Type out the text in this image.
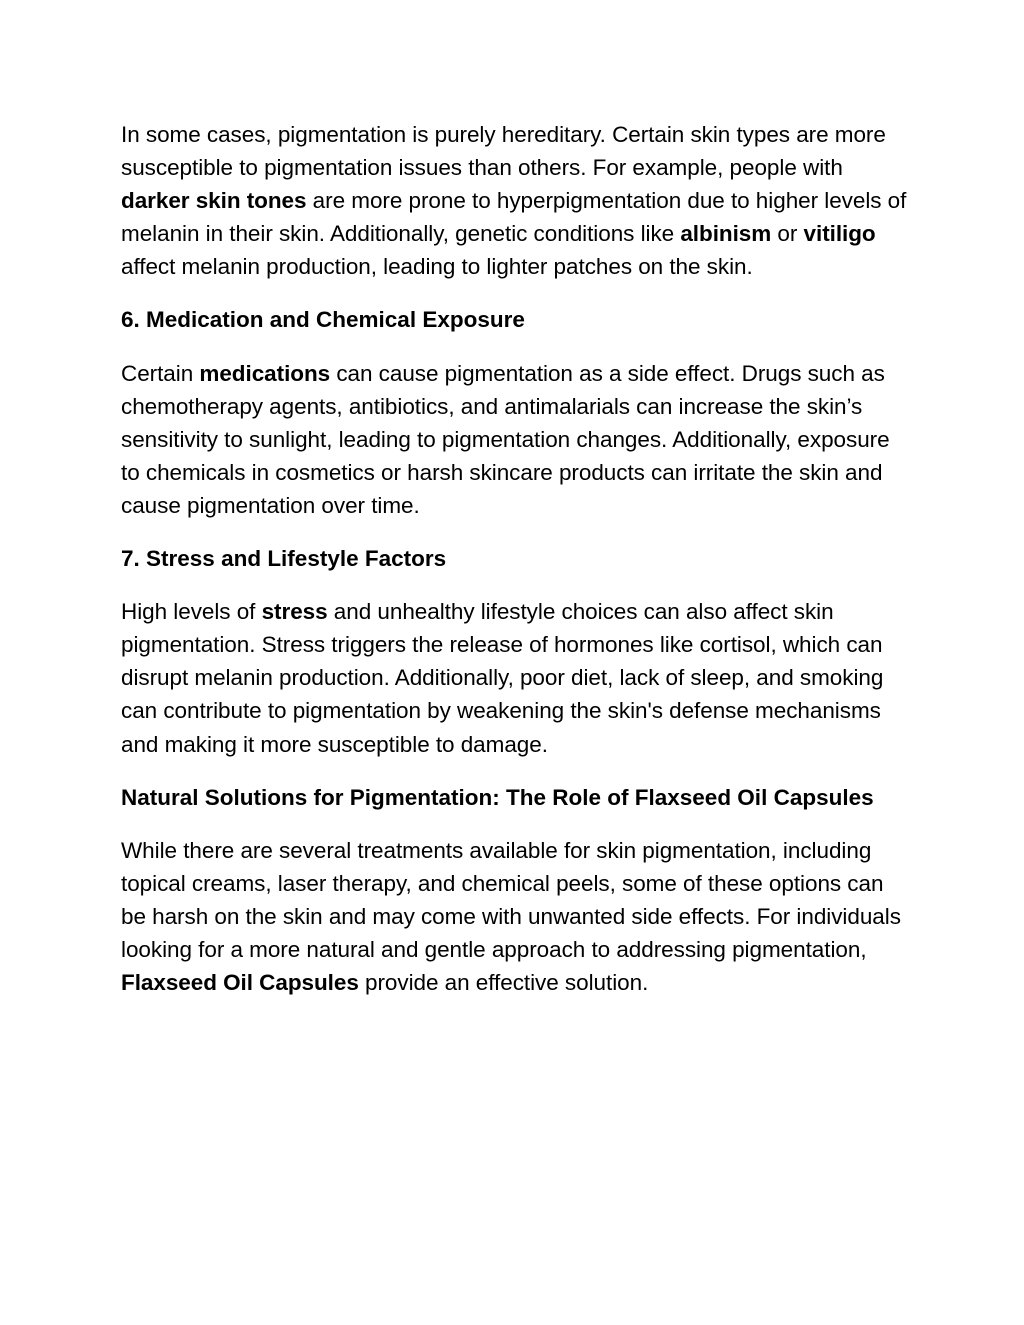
In some cases, pigmentation is purely hereditary. Certain skin types are more susceptible to pigmentation issues than others. For example, people with darker skin tones are more prone to hyperpigmentation due to higher levels of melanin in their skin. Additionally, genetic conditions like albinism or vitiligo affect melanin production, leading to lighter patches on the skin.

6. Medication and Chemical Exposure

Certain medications can cause pigmentation as a side effect. Drugs such as chemotherapy agents, antibiotics, and antimalarials can increase the skin’s sensitivity to sunlight, leading to pigmentation changes. Additionally, exposure to chemicals in cosmetics or harsh skincare products can irritate the skin and cause pigmentation over time.

7. Stress and Lifestyle Factors

High levels of stress and unhealthy lifestyle choices can also affect skin pigmentation. Stress triggers the release of hormones like cortisol, which can disrupt melanin production. Additionally, poor diet, lack of sleep, and smoking can contribute to pigmentation by weakening the skin's defense mechanisms and making it more susceptible to damage.

Natural Solutions for Pigmentation: The Role of Flaxseed Oil Capsules

While there are several treatments available for skin pigmentation, including topical creams, laser therapy, and chemical peels, some of these options can be harsh on the skin and may come with unwanted side effects. For individuals looking for a more natural and gentle approach to addressing pigmentation, Flaxseed Oil Capsules provide an effective solution.
